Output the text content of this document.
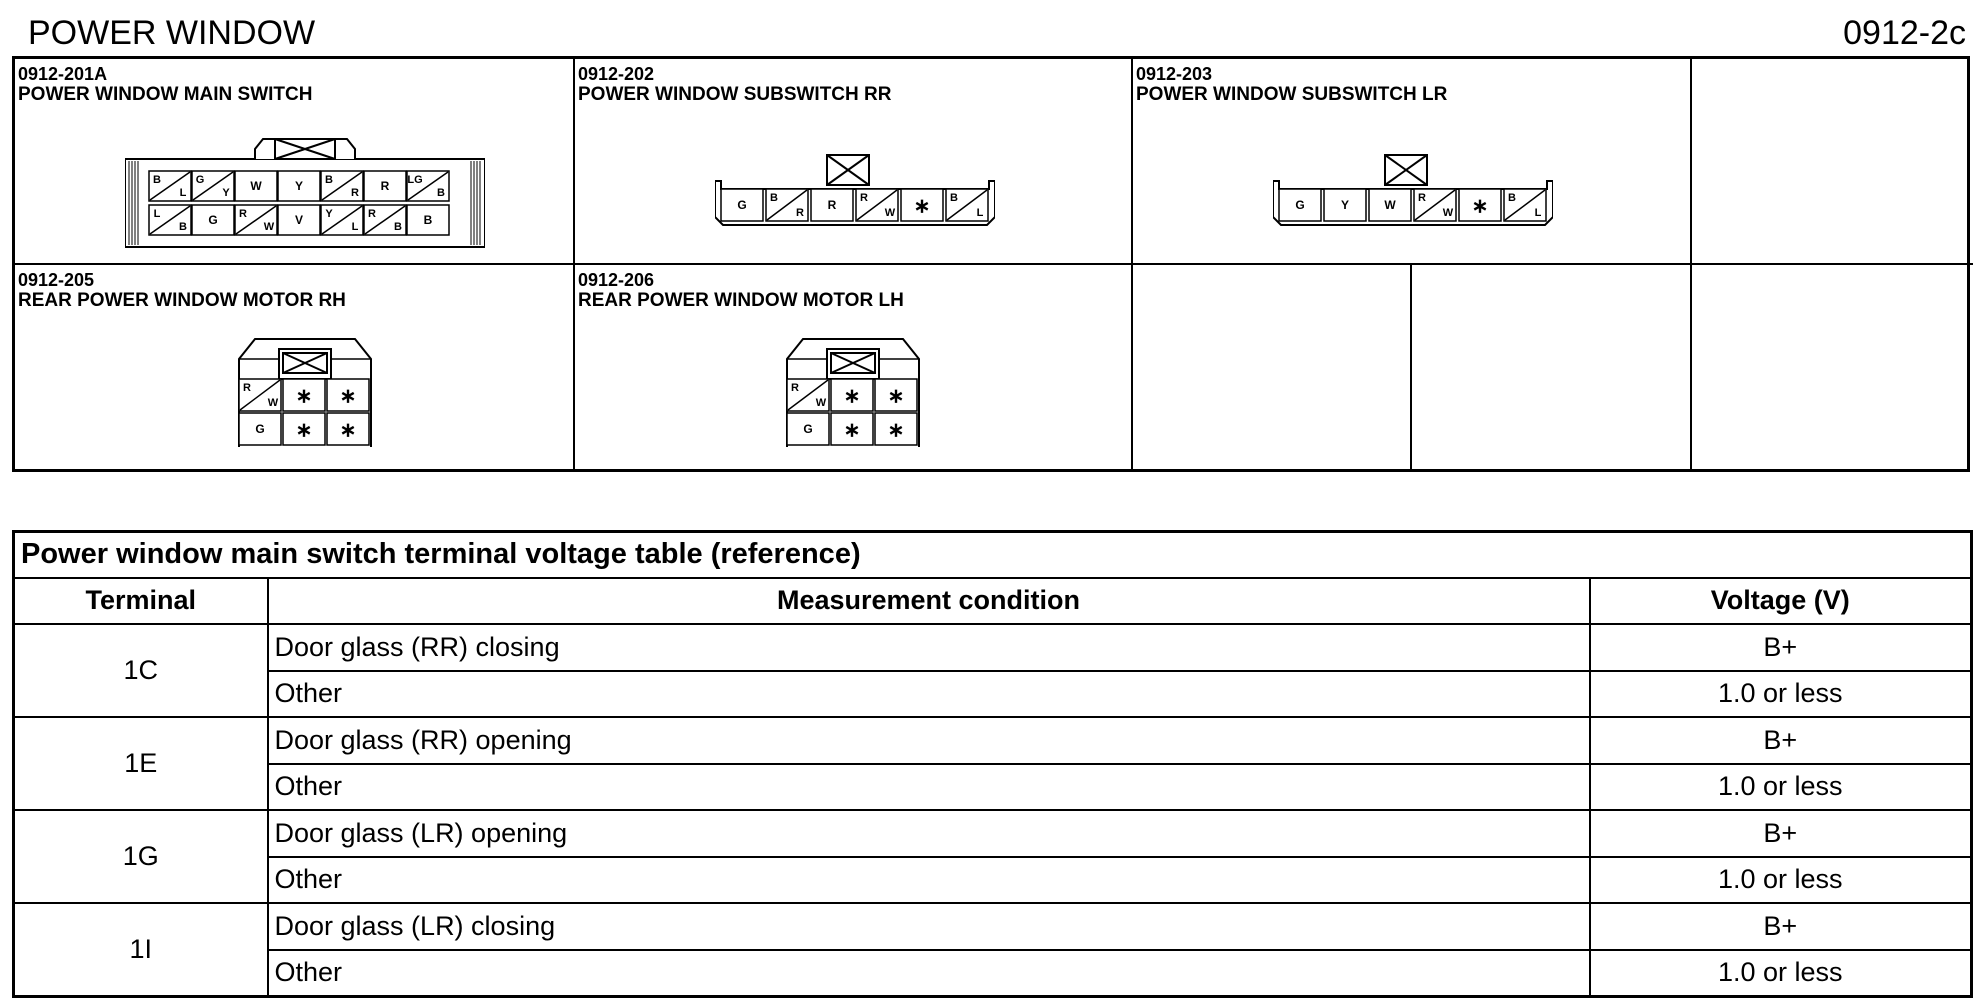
POWER WINDOW	0912-2c
0912-201A
POWER WINDOW MAIN SWITCH
B
L
G
Y W	Y B
R R LG
B
L
B G R
W V Y
L
R
B B
0912-202
POWER WINDOW SUBSWITCH RR
G
B
R
R
R
W ∗ B
L
0912-203
POWER WINDOW SUBSWITCH LR
G	Y	W
R
W ∗ B
L
0912-205
REAR POWER WINDOW MOTOR RH
R
W ∗ ∗
G ∗ ∗
0912-206
REAR POWER WINDOW MOTOR LH
R
W ∗ ∗
G ∗ ∗
Power window main switch terminal voltage table (reference)		
Terminal	Measurement condition	Voltage (V)
1C	Door glass (RR) closing	B+
	Other	1.0 or less
1E	Door glass (RR) opening	B+
	Other	1.0 or less
1G	Door glass (LR) opening	B+
	Other	1.0 or less
1I	Door glass (LR) closing	B+
	Other	1.0 or less
